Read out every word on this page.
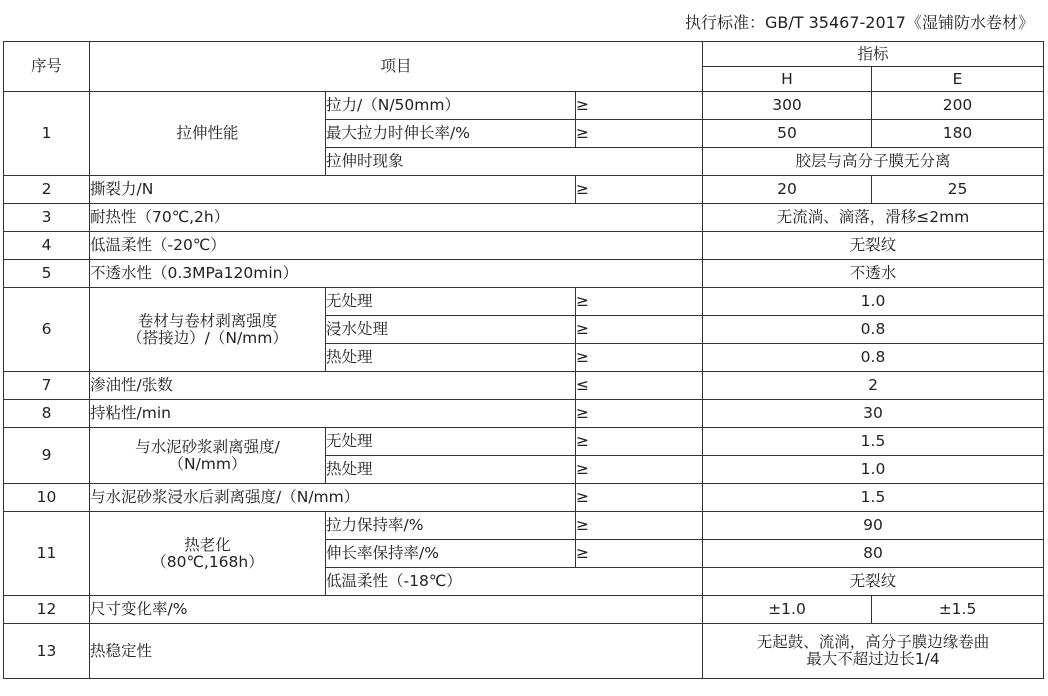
执行标准：GB/T 35467-2017《湿铺防水卷材》
序号	项目			指标	
				H	E
1	拉伸性能	拉力/（N/50mm）	≥	300	200
		最大拉力时伸长率/%	≥	50	180
		拉伸时现象		胶层与高分子膜无分离	
2	撕裂力/N		≥	20	25
3	耐热性（70℃,2h）			无流淌、滴落，滑移≤2mm	
4	低温柔性（-20℃）			无裂纹	
5	不透水性（0.3MPa120min）			不透水	
6	卷材与卷材剥离强度
（搭接边）/（N/mm）	无处理	≥	1.0	
		浸水处理	≥	0.8	
		热处理	≥	0.8	
7	渗油性/张数		≤	2	
8	持粘性/min		≥	30	
9	与水泥砂浆剥离强度/
（N/mm）	无处理	≥	1.5	
		热处理	≥	1.0	
10	与水泥砂浆浸水后剥离强度/（N/mm）		≥	1.5	
11	热老化
（80℃,168h）	拉力保持率/%	≥	90	
		伸长率保持率/%	≥	80	
		低温柔性（-18℃）		无裂纹	
12	尺寸变化率/%			±1.0	±1.5
13	热稳定性			无起鼓、流淌，高分子膜边缘卷曲
最大不超过边长1/4	
